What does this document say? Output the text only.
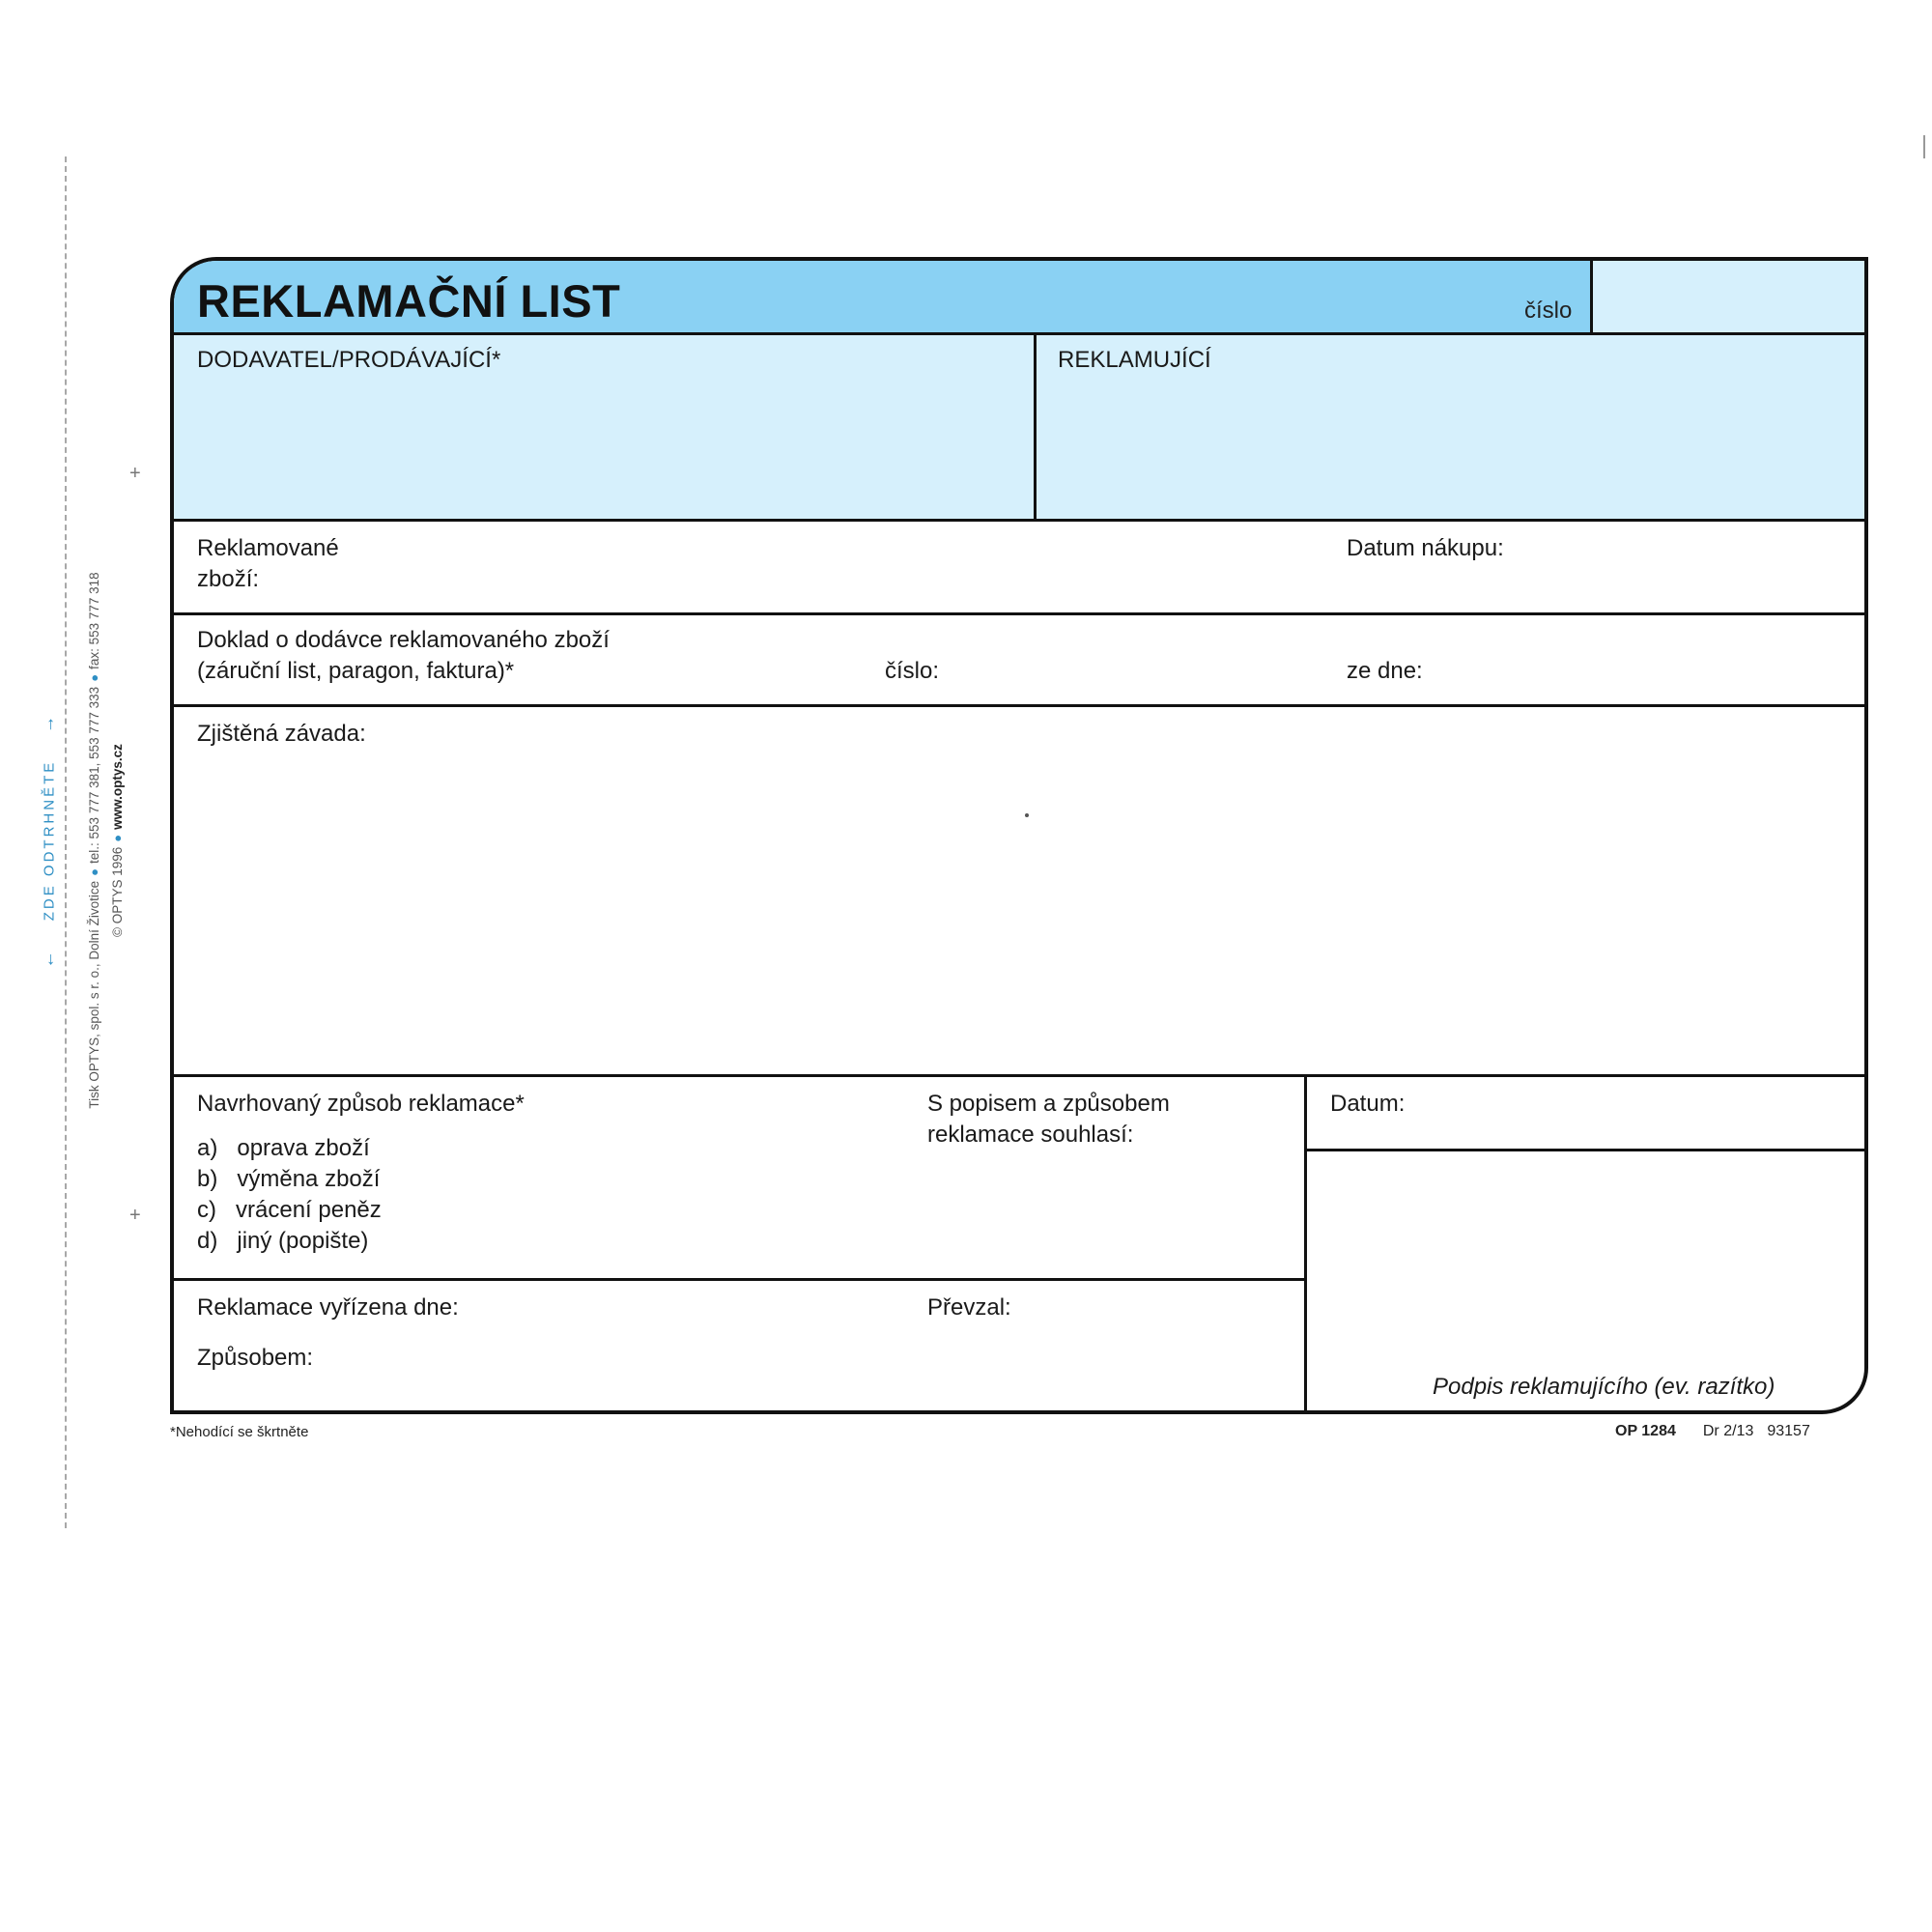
←ZDE ODTRHNĚTE→
Tisk OPTYS, spol. s r. o., Dolní Životice●tel.: 553 777 381, 553 777 333●fax: 553 777 318
© OPTYS 1996●www.optys.cz
+
+
REKLAMAČNÍ LIST	číslo
DODAVATEL/PRODÁVAJÍCÍ*	REKLAMUJÍCÍ
Reklamované
zboží:
Datum nákupu:
Doklad o dodávce reklamovaného zboží
(záruční list, paragon, faktura)*	číslo:	ze dne:
Zjištěná závada:
Navrhovaný způsob reklamace*
a) oprava zboží
b) výměna zboží
c) vrácení peněz
d) jiný (popište)
S popisem a způsobem
reklamace souhlasí:
Datum:
Podpis reklamujícího (ev. razítko)
Reklamace vyřízena dne:	Převzal:
Způsobem:
*Nehodící se škrtněte	OP 1284 Dr 2/13 93157
